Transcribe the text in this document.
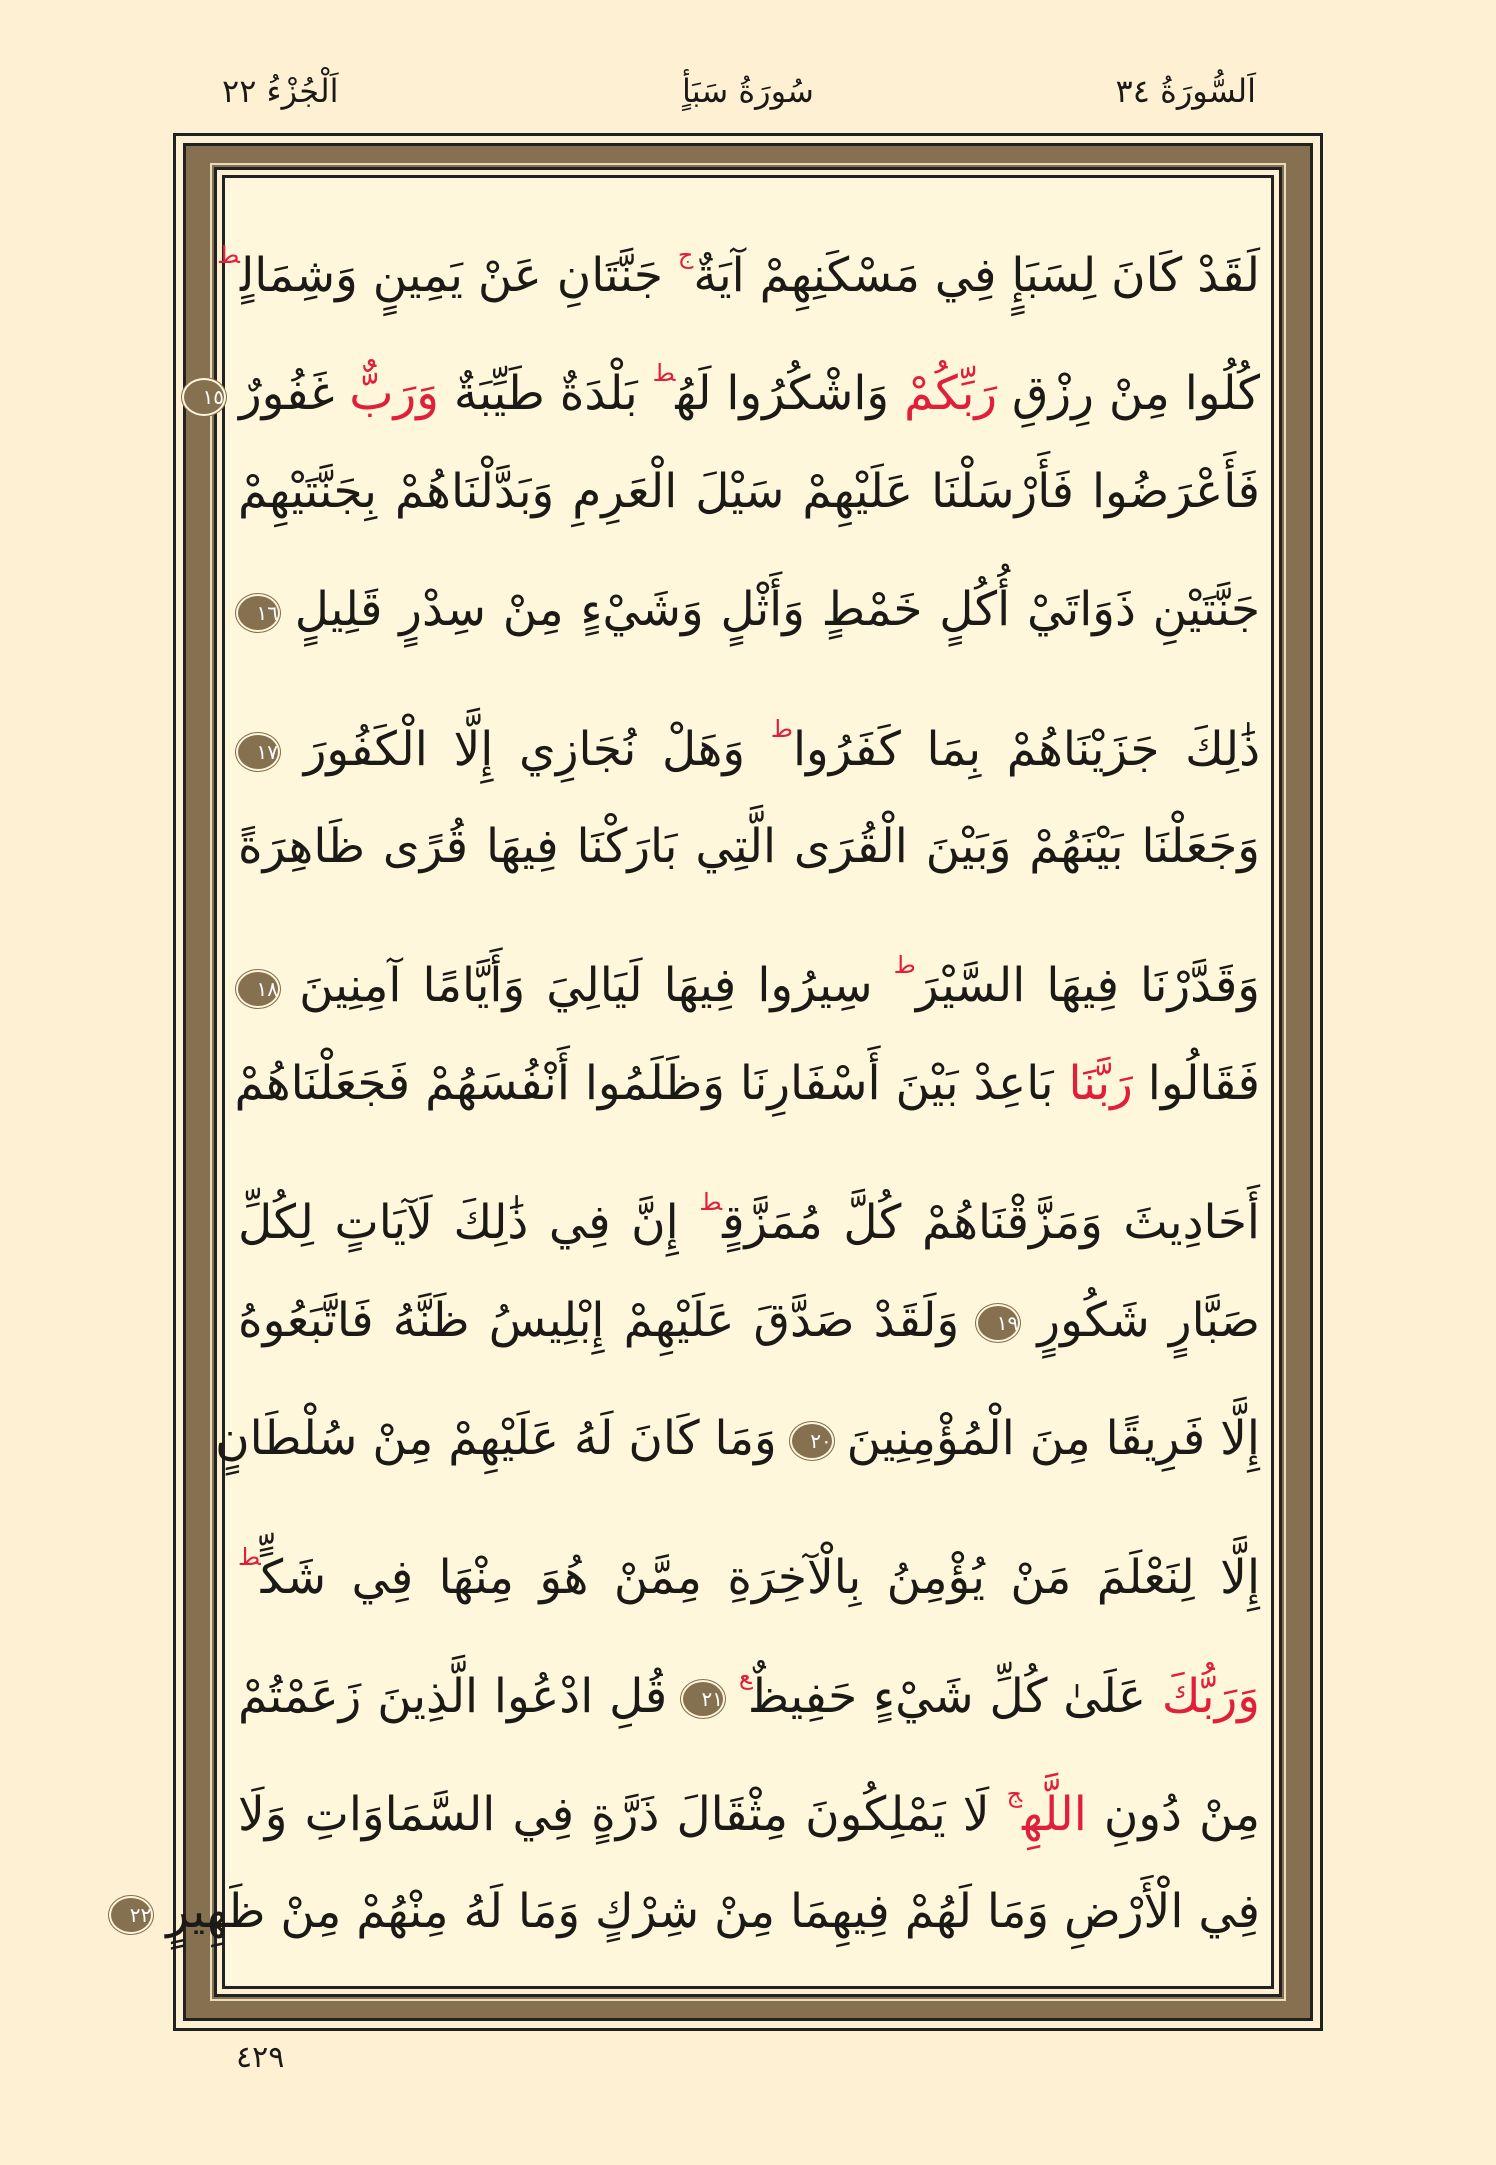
اَلسُّورَةُ ٣٤
سُورَةُ سَبَأٍ
اَلْجُزْءُ ٢٢
لَقَدْ كَانَ لِسَبَإٍ فِي مَسْكَنِهِمْ آيَةٌ$^ج$ جَنَّتَانِ عَنْ يَمِينٍ وَشِمَالٍ$^ط$
كُلُوا مِنْ رِزْقِ رَبِّكُمْ وَاشْكُرُوا لَهُ$^ط$ بَلْدَةٌ طَيِّبَةٌ وَرَبٌّ غَفُورٌ ١٥
فَأَعْرَضُوا فَأَرْسَلْنَا عَلَيْهِمْ سَيْلَ الْعَرِمِ وَبَدَّلْنَاهُمْ بِجَنَّتَيْهِمْ
جَنَّتَيْنِ ذَوَاتَيْ أُكُلٍ خَمْطٍ وَأَثْلٍ وَشَيْءٍ مِنْ سِدْرٍ قَلِيلٍ ١٦
ذَٰلِكَ جَزَيْنَاهُمْ بِمَا كَفَرُوا$^ط$ وَهَلْ نُجَازِي إِلَّا الْكَفُورَ ١٧
وَجَعَلْنَا بَيْنَهُمْ وَبَيْنَ الْقُرَى الَّتِي بَارَكْنَا فِيهَا قُرًى ظَاهِرَةً
وَقَدَّرْنَا فِيهَا السَّيْرَ$^ط$ سِيرُوا فِيهَا لَيَالِيَ وَأَيَّامًا آمِنِينَ ١٨
فَقَالُوا رَبَّنَا بَاعِدْ بَيْنَ أَسْفَارِنَا وَظَلَمُوا أَنْفُسَهُمْ فَجَعَلْنَاهُمْ
أَحَادِيثَ وَمَزَّقْنَاهُمْ كُلَّ مُمَزَّقٍ$^ط$ إِنَّ فِي ذَٰلِكَ لَآيَاتٍ لِكُلِّ
صَبَّارٍ شَكُورٍ ١٩ وَلَقَدْ صَدَّقَ عَلَيْهِمْ إِبْلِيسُ ظَنَّهُ فَاتَّبَعُوهُ
إِلَّا فَرِيقًا مِنَ الْمُؤْمِنِينَ ٢٠ وَمَا كَانَ لَهُ عَلَيْهِمْ مِنْ سُلْطَانٍ
إِلَّا لِنَعْلَمَ مَنْ يُؤْمِنُ بِالْآخِرَةِ مِمَّنْ هُوَ مِنْهَا فِي شَكٍّ$^ط$
وَرَبُّكَ عَلَىٰ كُلِّ شَيْءٍ حَفِيظٌ$^ع$ ٢١ قُلِ ادْعُوا الَّذِينَ زَعَمْتُمْ
مِنْ دُونِ اللَّهِ$^ج$ لَا يَمْلِكُونَ مِثْقَالَ ذَرَّةٍ فِي السَّمَاوَاتِ وَلَا
فِي الْأَرْضِ وَمَا لَهُمْ فِيهِمَا مِنْ شِرْكٍ وَمَا لَهُ مِنْهُمْ مِنْ ظَهِيرٍ ٢٢
٤٢٩
